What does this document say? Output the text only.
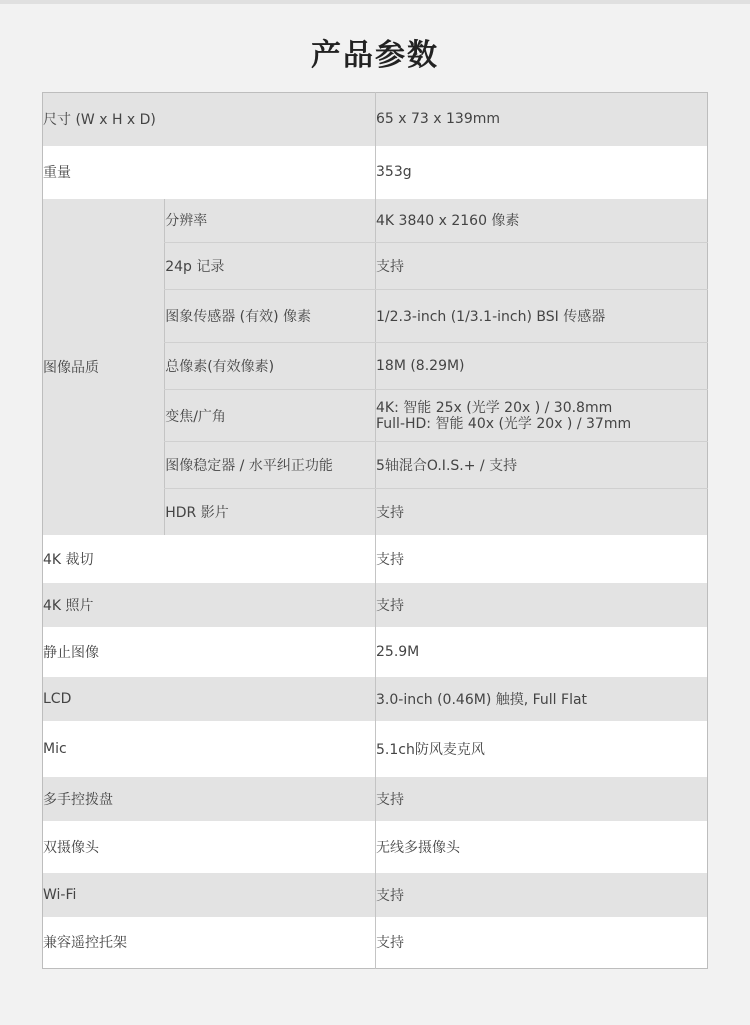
产品参数
尺寸 (W x H x D)		65 x 73 x 139mm
重量		353g
图像品质	分辨率	4K 3840 x 2160 像素
	24p 记录	支持
	图象传感器 (有效) 像素	1/2.3-inch (1/3.1-inch) BSI 传感器
	总像素(有效像素)	18M (8.29M)
	变焦/广角	4K: 智能 25x (光学 20x ) / 30.8mm
Full-HD: 智能 40x (光学 20x ) / 37mm

	图像稳定器 / 水平纠正功能	5轴混合O.I.S.+ / 支持
	HDR 影片	支持
4K 裁切		支持
4K 照片		支持
静止图像		25.9M
LCD		3.0-inch (0.46M) 触摸, Full Flat
Mic		5.1ch防风麦克风
多手控拨盘		支持
双摄像头		无线多摄像头
Wi-Fi		支持
兼容遥控托架		支持
